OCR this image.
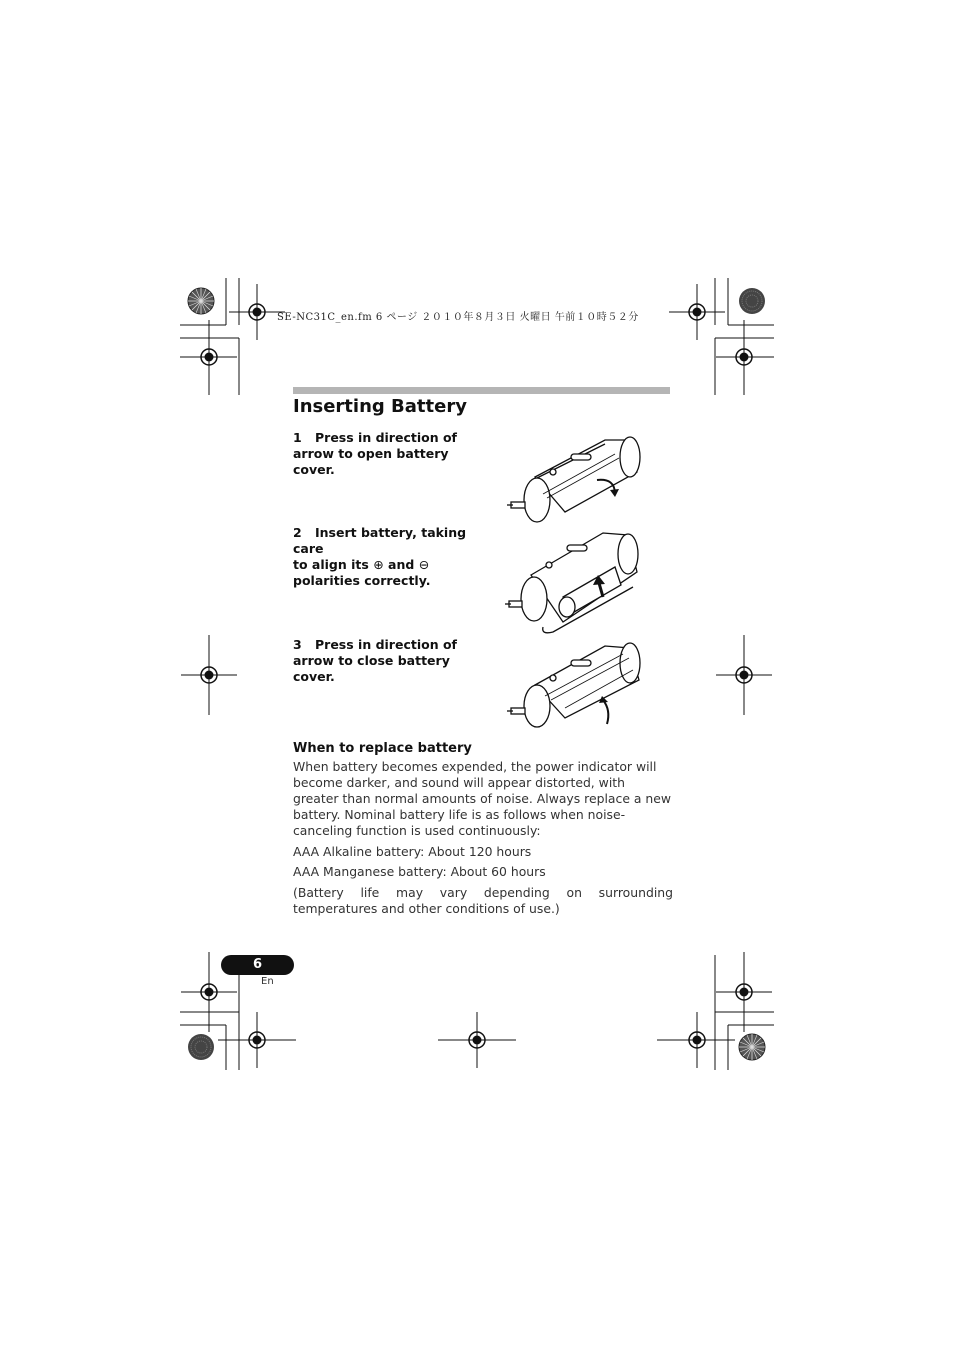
SE-NC31C_en.fm 6 ページ ２０１０年８月３日 火曜日 午前１０時５２分
Inserting Battery
1 Press in direction of
arrow to open battery cover.
2 Insert battery, taking care
to align its ⊕ and ⊖
polarities correctly.
3 Press in direction of
arrow to close battery cover.
When to replace battery
When battery becomes expended, the power indicator will become darker, and sound will appear distorted, with greater than normal amounts of noise. Always replace a new battery. Nominal battery life is as follows when noise-canceling function is used continuously:
AAA Alkaline battery: About 120 hours
AAA Manganese battery: About 60 hours
(Battery life may vary depending on surrounding temperatures and other conditions of use.)
6
En
